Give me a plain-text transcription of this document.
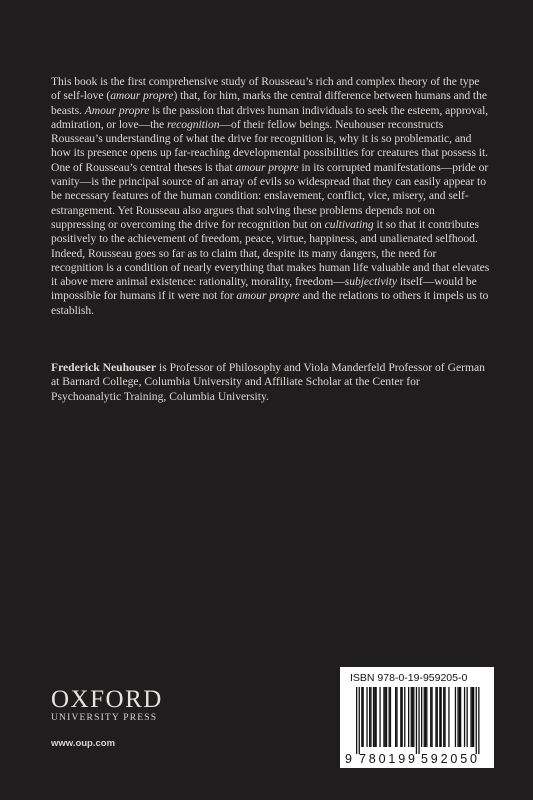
This book is the first comprehensive study of Rousseau’s rich and complex theory of the type of self-love (amour propre) that, for him, marks the central difference between humans and the beasts. Amour propre is the passion that drives human individuals to seek the esteem, approval, admiration, or love—the recognition—of their fellow beings. Neuhouser reconstructs Rousseau’s understanding of what the drive for recognition is, why it is so problematic, and how its presence opens up far-reaching developmental possibilities for creatures that possess it. One of Rousseau’s central theses is that amour propre in its corrupted manifestations—pride or vanity—is the principal source of an array of evils so widespread that they can easily appear to be necessary features of the human condition: enslavement, conflict, vice, misery, and self-estrangement. Yet Rousseau also argues that solving these problems depends not on suppressing or overcoming the drive for recognition but on cultivating it so that it contributes positively to the achievement of freedom, peace, virtue, happiness, and unalienated selfhood. Indeed, Rousseau goes so far as to claim that, despite its many dangers, the need for recognition is a condition of nearly everything that makes human life valuable and that elevates it above mere animal existence: rationality, morality, freedom—subjectivity itself—would be impossible for humans if it were not for amour propre and the relations to others it impels us to establish.

Frederick Neuhouser is Professor of Philosophy and Viola Manderfeld Professor of German at Barnard College, Columbia University and Affiliate Scholar at the Center for Psychoanalytic Training, Columbia University.

OXFORD
UNIVERSITY PRESS
www.oup.com
ISBN 978-0-19-959205-0
9 780199 592050
